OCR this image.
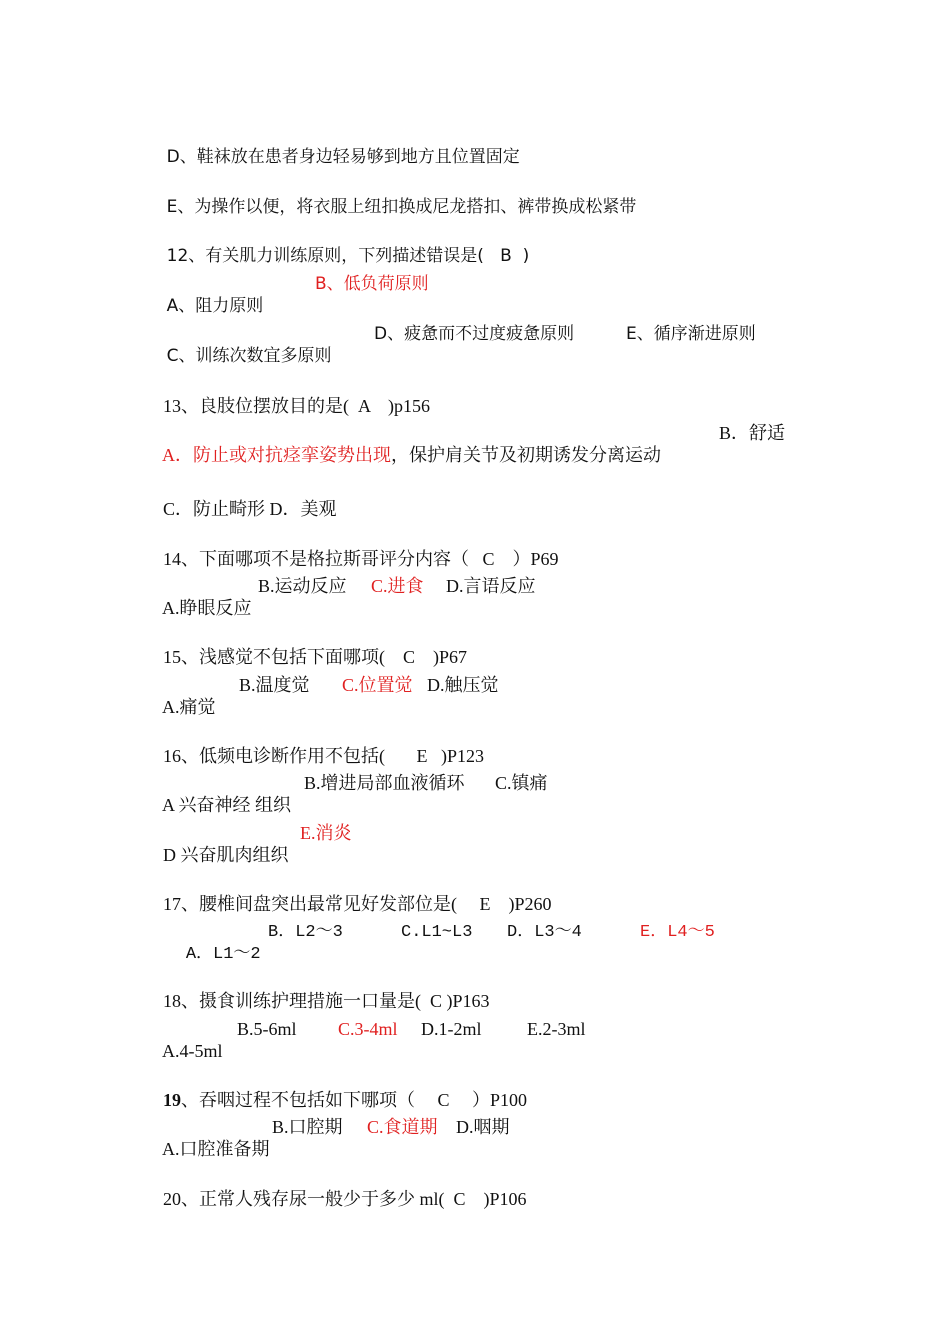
D、鞋袜放在患者身边轻易够到地方且位置固定

E、为操作以便，将衣服上纽扣换成尼龙搭扣、裤带换成松紧带

12、有关肌力训练原则，下列描述错误是(   B  )

A、阻力原则

B、低负荷原则

C、训练次数宜多原则

D、疲惫而不过度疲惫原则

	E、循序渐进原则

13、良肢位摆放目的是(  A    )p156

A．防止或对抗痉挛姿势出现，保护肩关节及初期诱发分离运动

B．舒适

C．防止畸形 D．美观

14、下面哪项不是格拉斯哥评分内容（   C    ）P69

A.睁眼反应

B.运动反应

C.进食

D.言语反应

15、浅感觉不包括下面哪项(    C    )P67

A.痛觉

B.温度觉

C.位置觉

D.触压觉

16、低频电诊断作用不包括(       E   )P123

A 兴奋神经 组织

B.增进局部血液循环

C.镇痛

D 兴奋肌肉组织

E.消炎

17、腰椎间盘突出最常见好发部位是(     E    )P260

A．L1～2

B．L2～3

	C.L1~L3

D．L3～4

	E．L4～5

18、摄食训练护理措施一口量是(  C )P163

A.4-5ml

B.5-6ml

C.3-4ml

D.1-2ml

	E.2-3ml

19、吞咽过程不包括如下哪项（     C     ）P100

A.口腔准备期

B.口腔期

C.食道期

D.咽期

20、正常人残存尿一般少于多少 ml(  C    )P106
